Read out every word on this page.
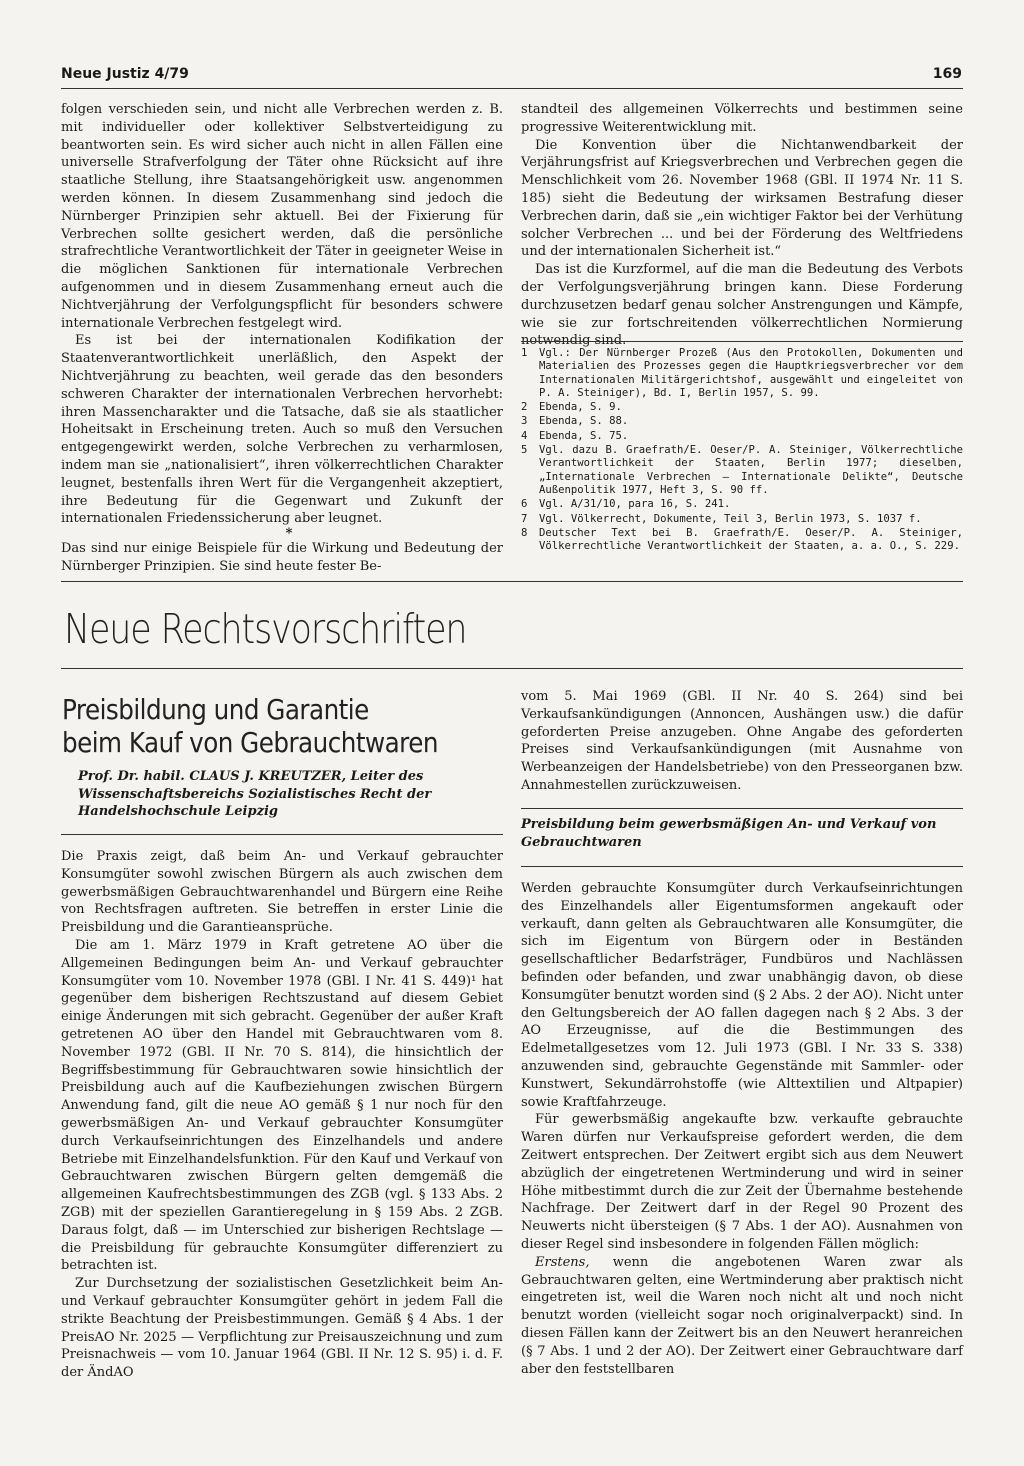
Neue Justiz 4/79	169

folgen verschieden sein, und nicht alle Verbrechen werden z. B. mit individueller oder kollektiver Selbstverteidigung zu beantworten sein. Es wird sicher auch nicht in allen Fällen eine universelle Strafverfolgung der Täter ohne Rücksicht auf ihre staatliche Stellung, ihre Staatsangehörigkeit usw. angenommen werden können. In diesem Zusammenhang sind jedoch die Nürnberger Prinzipien sehr aktuell. Bei der Fixierung für Verbrechen sollte gesichert werden, daß die persönliche strafrechtliche Verantwortlichkeit der Täter in geeigneter Weise in die möglichen Sanktionen für internationale Verbrechen aufgenommen und in diesem Zusammenhang erneut auch die Nichtverjährung der Verfolgungspflicht für besonders schwere internationale Verbrechen festgelegt wird.

Es ist bei der internationalen Kodifikation der Staatenverantwortlichkeit unerläßlich, den Aspekt der Nichtverjährung zu beachten, weil gerade das den besonders schweren Charakter der internationalen Verbrechen hervorhebt: ihren Massencharakter und die Tatsache, daß sie als staatlicher Hoheitsakt in Erscheinung treten. Auch so muß den Versuchen entgegengewirkt werden, solche Verbrechen zu verharmlosen, indem man sie „nationalisiert“, ihren völkerrechtlichen Charakter leugnet, bestenfalls ihren Wert für die Vergangenheit akzeptiert, ihre Bedeutung für die Gegenwart und Zukunft der internationalen Friedenssicherung aber leugnet.

*

Das sind nur einige Beispiele für die Wirkung und Bedeutung der Nürnberger Prinzipien. Sie sind heute fester Be-

standteil des allgemeinen Völkerrechts und bestimmen seine progressive Weiterentwicklung mit.

Die Konvention über die Nichtanwendbarkeit der Verjährungsfrist auf Kriegsverbrechen und Verbrechen gegen die Menschlichkeit vom 26. November 1968 (GBl. II 1974 Nr. 11 S. 185) sieht die Bedeutung der wirksamen Bestrafung dieser Verbrechen darin, daß sie „ein wichtiger Faktor bei der Verhütung solcher Verbrechen ... und bei der Förderung des Weltfriedens und der internationalen Sicherheit ist.“

Das ist die Kurzformel, auf die man die Bedeutung des Verbots der Verfolgungsverjährung bringen kann. Diese Forderung durchzusetzen bedarf genau solcher Anstrengungen und Kämpfe, wie sie zur fortschreitenden völkerrechtlichen Normierung notwendig sind.

1	Vgl.: Der Nürnberger Prozeß (Aus den Protokollen, Dokumenten und Materialien des Prozesses gegen die Hauptkriegsverbrecher vor dem Internationalen Militärgerichtshof, ausgewählt und eingeleitet von P. A. Steiniger), Bd. I, Berlin 1957, S. 99.
2	Ebenda, S. 9.
3	Ebenda, S. 88.
4	Ebenda, S. 75.
5	Vgl. dazu B. Graefrath/E. Oeser/P. A. Steiniger, Völkerrechtliche Verantwortlichkeit der Staaten, Berlin 1977; dieselben, „Internationale Verbrechen — Internationale Delikte“, Deutsche Außenpolitik 1977, Heft 3, S. 90 ff.
6	Vgl. A/31/10, para 16, S. 241.
7	Vgl. Völkerrecht, Dokumente, Teil 3, Berlin 1973, S. 1037 f.
8	Deutscher Text bei B. Graefrath/E. Oeser/P. A. Steiniger, Völkerrechtliche Verantwortlichkeit der Staaten, a. a. O., S. 229.
Neue Rechtsvorschriften
Preisbildung und Garantie
beim Kauf von Gebrauchtwaren
Prof. Dr. habil. CLAUS J. KREUTZER, Leiter des Wissenschaftsbereichs Sozialistisches Recht der Handelshochschule Leipzig

Die Praxis zeigt, daß beim An- und Verkauf gebrauchter Konsumgüter sowohl zwischen Bürgern als auch zwischen dem gewerbsmäßigen Gebrauchtwarenhandel und Bürgern eine Reihe von Rechtsfragen auftreten. Sie betreffen in erster Linie die Preisbildung und die Garantieansprüche.

Die am 1. März 1979 in Kraft getretene AO über die Allgemeinen Bedingungen beim An- und Verkauf gebrauchter Konsumgüter vom 10. November 1978 (GBl. I Nr. 41 S. 449)¹ hat gegenüber dem bisherigen Rechtszustand auf diesem Gebiet einige Änderungen mit sich gebracht. Gegenüber der außer Kraft getretenen AO über den Handel mit Gebrauchtwaren vom 8. November 1972 (GBl. II Nr. 70 S. 814), die hinsichtlich der Begriffsbestimmung für Gebrauchtwaren sowie hinsichtlich der Preisbildung auch auf die Kaufbeziehungen zwischen Bürgern Anwendung fand, gilt die neue AO gemäß § 1 nur noch für den gewerbsmäßigen An- und Verkauf gebrauchter Konsumgüter durch Verkaufseinrichtungen des Einzelhandels und andere Betriebe mit Einzelhandelsfunktion. Für den Kauf und Verkauf von Gebrauchtwaren zwischen Bürgern gelten demgemäß die allgemeinen Kaufrechtsbestimmungen des ZGB (vgl. § 133 Abs. 2 ZGB) mit der speziellen Garantieregelung in § 159 Abs. 2 ZGB. Daraus folgt, daß — im Unterschied zur bisherigen Rechtslage — die Preisbildung für gebrauchte Konsumgüter differenziert zu betrachten ist.

Zur Durchsetzung der sozialistischen Gesetzlichkeit beim An- und Verkauf gebrauchter Konsumgüter gehört in jedem Fall die strikte Beachtung der Preisbestimmungen. Gemäß § 4 Abs. 1 der PreisAO Nr. 2025 — Verpflichtung zur Preisauszeichnung und zum Preisnachweis — vom 10. Januar 1964 (GBl. II Nr. 12 S. 95) i. d. F. der ÄndAO

vom 5. Mai 1969 (GBl. II Nr. 40 S. 264) sind bei Verkaufsankündigungen (Annoncen, Aushängen usw.) die dafür geforderten Preise anzugeben. Ohne Angabe des geforderten Preises sind Verkaufsankündigungen (mit Ausnahme von Werbeanzeigen der Handelsbetriebe) von den Presseorganen bzw. Annahmestellen zurückzuweisen.

Preisbildung beim gewerbsmäßigen An- und Verkauf von Gebrauchtwaren

Werden gebrauchte Konsumgüter durch Verkaufseinrichtungen des Einzelhandels aller Eigentumsformen angekauft oder verkauft, dann gelten als Gebrauchtwaren alle Konsumgüter, die sich im Eigentum von Bürgern oder in Beständen gesellschaftlicher Bedarfsträger, Fundbüros und Nachlässen befinden oder befanden, und zwar unabhängig davon, ob diese Konsumgüter benutzt worden sind (§ 2 Abs. 2 der AO). Nicht unter den Geltungsbereich der AO fallen dagegen nach § 2 Abs. 3 der AO Erzeugnisse, auf die die Bestimmungen des Edelmetallgesetzes vom 12. Juli 1973 (GBl. I Nr. 33 S. 338) anzuwenden sind, gebrauchte Gegenstände mit Sammler- oder Kunstwert, Sekundärrohstoffe (wie Alttextilien und Altpapier) sowie Kraftfahrzeuge.

Für gewerbsmäßig angekaufte bzw. verkaufte gebrauchte Waren dürfen nur Verkaufspreise gefordert werden, die dem Zeitwert entsprechen. Der Zeitwert ergibt sich aus dem Neuwert abzüglich der eingetretenen Wertminderung und wird in seiner Höhe mitbestimmt durch die zur Zeit der Übernahme bestehende Nachfrage. Der Zeitwert darf in der Regel 90 Prozent des Neuwerts nicht übersteigen (§ 7 Abs. 1 der AO). Ausnahmen von dieser Regel sind insbesondere in folgenden Fällen möglich:

Erstens, wenn die angebotenen Waren zwar als Gebrauchtwaren gelten, eine Wertminderung aber praktisch nicht eingetreten ist, weil die Waren noch nicht alt und noch nicht benutzt worden (vielleicht sogar noch originalverpackt) sind. In diesen Fällen kann der Zeitwert bis an den Neuwert heranreichen (§ 7 Abs. 1 und 2 der AO). Der Zeitwert einer Gebrauchtware darf aber den feststellbaren
